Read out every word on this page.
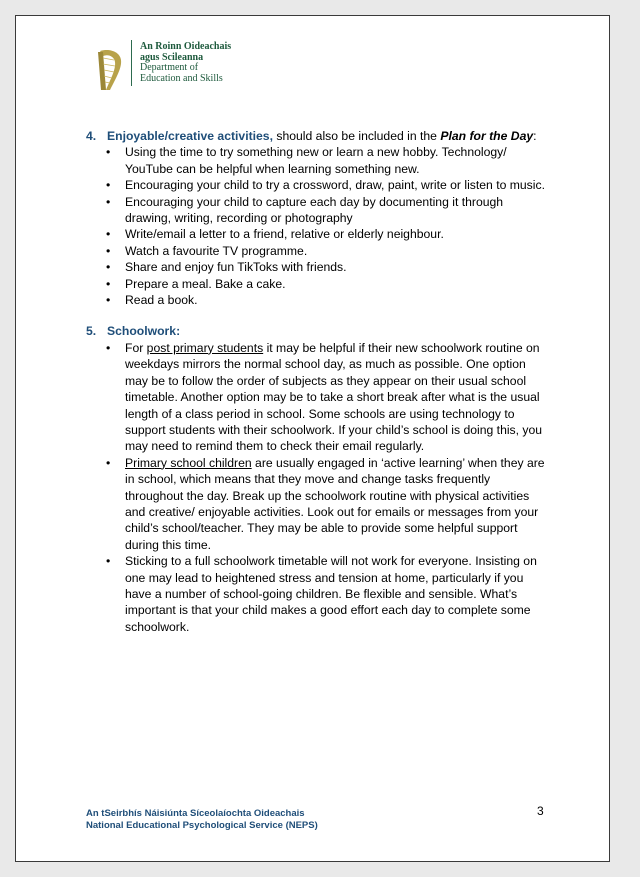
An Roinn Oideachais
agus Scileanna
Department of
Education and Skills
4. Enjoyable/creative activities, should also be included in the Plan for the Day:
• Using the time to try something new or learn a new hobby. Technology/ YouTube can be helpful when learning something new.
• Encouraging your child to try a crossword, draw, paint, write or listen to music.
• Encouraging your child to capture each day by documenting it through drawing, writing, recording or photography
• Write/email a letter to a friend, relative or elderly neighbour.
• Watch a favourite TV programme.
• Share and enjoy fun TikToks with friends.
• Prepare a meal. Bake a cake.
• Read a book.
5. Schoolwork:
• For post primary students it may be helpful if their new schoolwork routine on weekdays mirrors the normal school day, as much as possible. One option may be to follow the order of subjects as they appear on their usual school timetable. Another option may be to take a short break after what is the usual length of a class period in school. Some schools are using technology to support students with their schoolwork. If your child’s school is doing this, you may need to remind them to check their email regularly.
• Primary school children are usually engaged in ‘active learning’ when they are in school, which means that they move and change tasks frequently throughout the day. Break up the schoolwork routine with physical activities and creative/ enjoyable activities. Look out for emails or messages from your child’s school/teacher. They may be able to provide some helpful support during this time.
• Sticking to a full schoolwork timetable will not work for everyone. Insisting on one may lead to heightened stress and tension at home, particularly if you have a number of school-going children. Be flexible and sensible. What’s important is that your child makes a good effort each day to complete some schoolwork.
An tSeirbhís Náisiúnta Síceolaíochta Oideachais
National Educational Psychological Service (NEPS)
3
